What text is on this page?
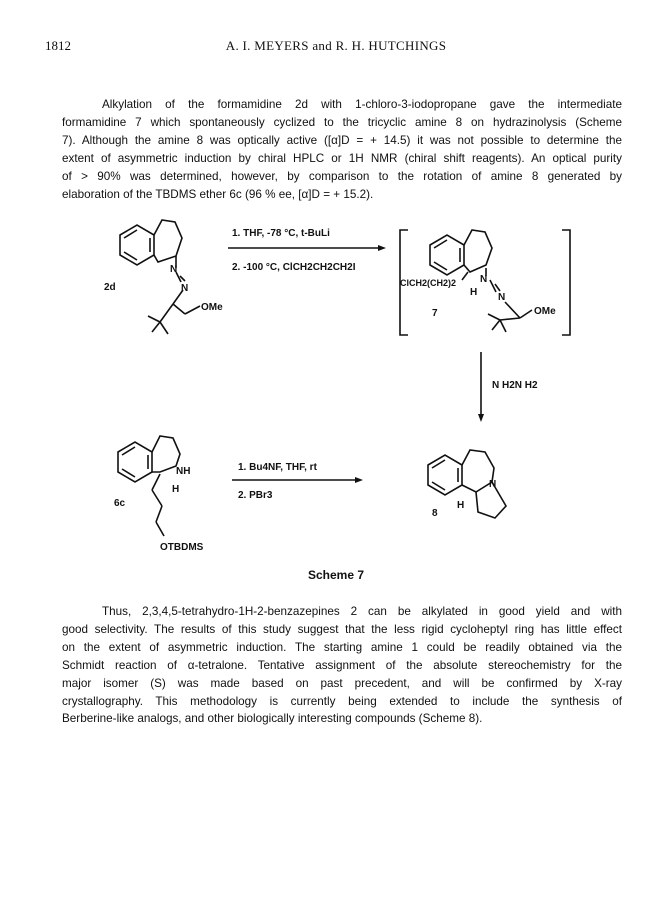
1812	A. I. MEYERS and R. H. HUTCHINGS
Alkylation of the formamidine 2d with 1-chloro-3-iodopropane gave the intermediate
formamidine 7 which spontaneously cyclized to the tricyclic amine 8 on hydrazinolysis (Scheme
7). Although the amine 8 was optically active ([α]D = + 14.5) it was not possible to determine the
extent of asymmetric induction by chiral HPLC or 1H NMR (chiral shift reagents). An optical purity
of > 90% was determined, however, by comparison to the rotation of amine 8 generated by
elaboration of the TBDMS ether 6c (96 % ee, [α]D = + 15.2).
N
N
OMe
2d
1. THF, -78 °C, t-BuLi
2. -100 °C, ClCH2CH2CH2I
N
H N
ClCH2(CH2)2
OMe
7
N H2N H2
NH
H
6c
OTBDMS
1. Bu4NF, THF, rt
2. PBr3
N
H
8
Scheme 7
Thus, 2,3,4,5-tetrahydro-1H-2-benzazepines 2 can be alkylated in good yield and with
good selectivity. The results of this study suggest that the less rigid cycloheptyl ring has little effect
on the extent of asymmetric induction. The starting amine 1 could be readily obtained via the
Schmidt reaction of α-tetralone. Tentative assignment of the absolute stereochemistry for the
major isomer (S) was made based on past precedent, and will be confirmed by X-ray
crystallography. This methodology is currently being extended to include the synthesis of
Berberine-like analogs, and other biologically interesting compounds (Scheme 8).
